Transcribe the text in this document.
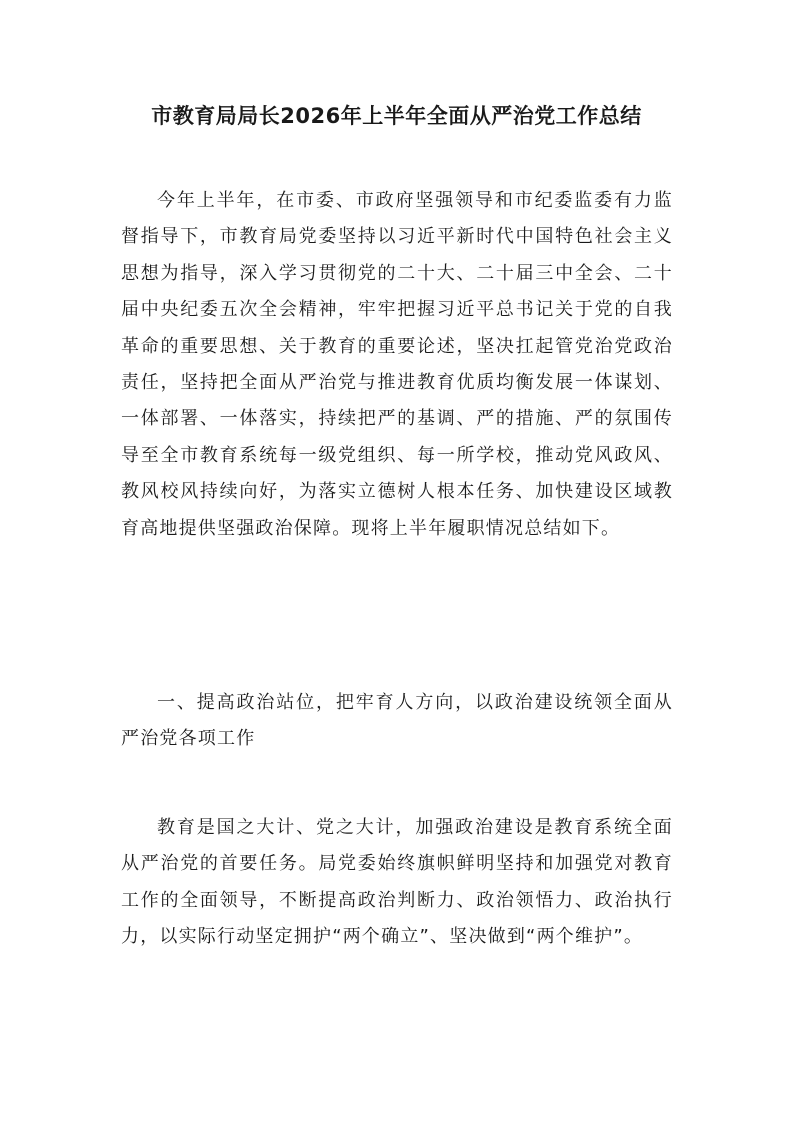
市教育局局长2026年上半年全面从严治党工作总结

今年上半年，在市委、市政府坚强领导和市纪委监委有力监督指导下，市教育局党委坚持以习近平新时代中国特色社会主义思想为指导，深入学习贯彻党的二十大、二十届三中全会、二十届中央纪委五次全会精神，牢牢把握习近平总书记关于党的自我革命的重要思想、关于教育的重要论述，坚决扛起管党治党政治责任，坚持把全面从严治党与推进教育优质均衡发展一体谋划、一体部署、一体落实，持续把严的基调、严的措施、严的氛围传导至全市教育系统每一级党组织、每一所学校，推动党风政风、教风校风持续向好，为落实立德树人根本任务、加快建设区域教育高地提供坚强政治保障。现将上半年履职情况总结如下。

一、提高政治站位，把牢育人方向，以政治建设统领全面从严治党各项工作

教育是国之大计、党之大计，加强政治建设是教育系统全面从严治党的首要任务。局党委始终旗帜鲜明坚持和加强党对教育工作的全面领导，不断提高政治判断力、政治领悟力、政治执行力，以实际行动坚定拥护“两个确立”、坚决做到“两个维护”。
